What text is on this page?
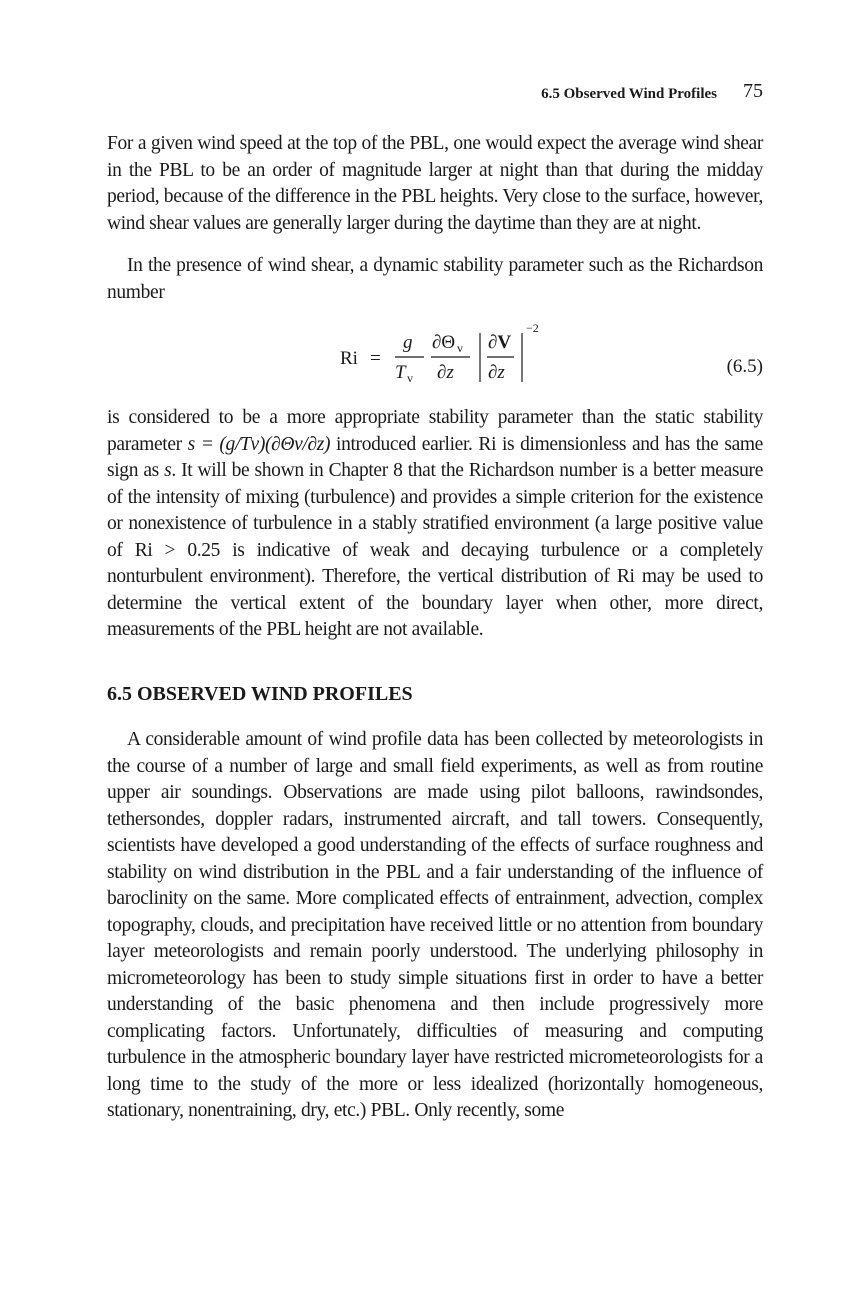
6.5 Observed Wind Profiles 75

For a given wind speed at the top of the PBL, one would expect the average wind shear in the PBL to be an order of magnitude larger at night than that during the midday period, because of the difference in the PBL heights. Very close to the surface, however, wind shear values are generally larger during the daytime than they are at night.

In the presence of wind shear, a dynamic stability parameter such as the Richardson number

Ri =
g
T v
∂Θ v
∂z
∂V
∂z
−2
(6.5)

is considered to be a more appropriate stability parameter than the static stability parameter s = (g/Tv)(∂Θv/∂z) introduced earlier. Ri is dimensionless and has the same sign as s. It will be shown in Chapter 8 that the Richardson number is a better measure of the intensity of mixing (turbulence) and provides a simple criterion for the existence or nonexistence of turbulence in a stably stratified environment (a large positive value of Ri > 0.25 is indicative of weak and decaying turbulence or a completely nonturbulent environment). Therefore, the vertical distribution of Ri may be used to determine the vertical extent of the boundary layer when other, more direct, measurements of the PBL height are not available.

6.5 OBSERVED WIND PROFILES

A considerable amount of wind profile data has been collected by meteorologists in the course of a number of large and small field experiments, as well as from routine upper air soundings. Observations are made using pilot balloons, rawindsondes, tethersondes, doppler radars, instrumented aircraft, and tall towers. Consequently, scientists have developed a good understanding of the effects of surface roughness and stability on wind distribution in the PBL and a fair understanding of the influence of baroclinity on the same. More complicated effects of entrainment, advection, complex topography, clouds, and precipitation have received little or no attention from boundary layer meteorologists and remain poorly understood. The underlying philosophy in micrometeorology has been to study simple situations first in order to have a better understanding of the basic phenomena and then include progressively more complicating factors. Unfortunately, difficulties of measuring and computing turbulence in the atmospheric boundary layer have restricted micrometeorologists for a long time to the study of the more or less idealized (horizontally homogeneous, stationary, nonentraining, dry, etc.) PBL. Only recently, some
